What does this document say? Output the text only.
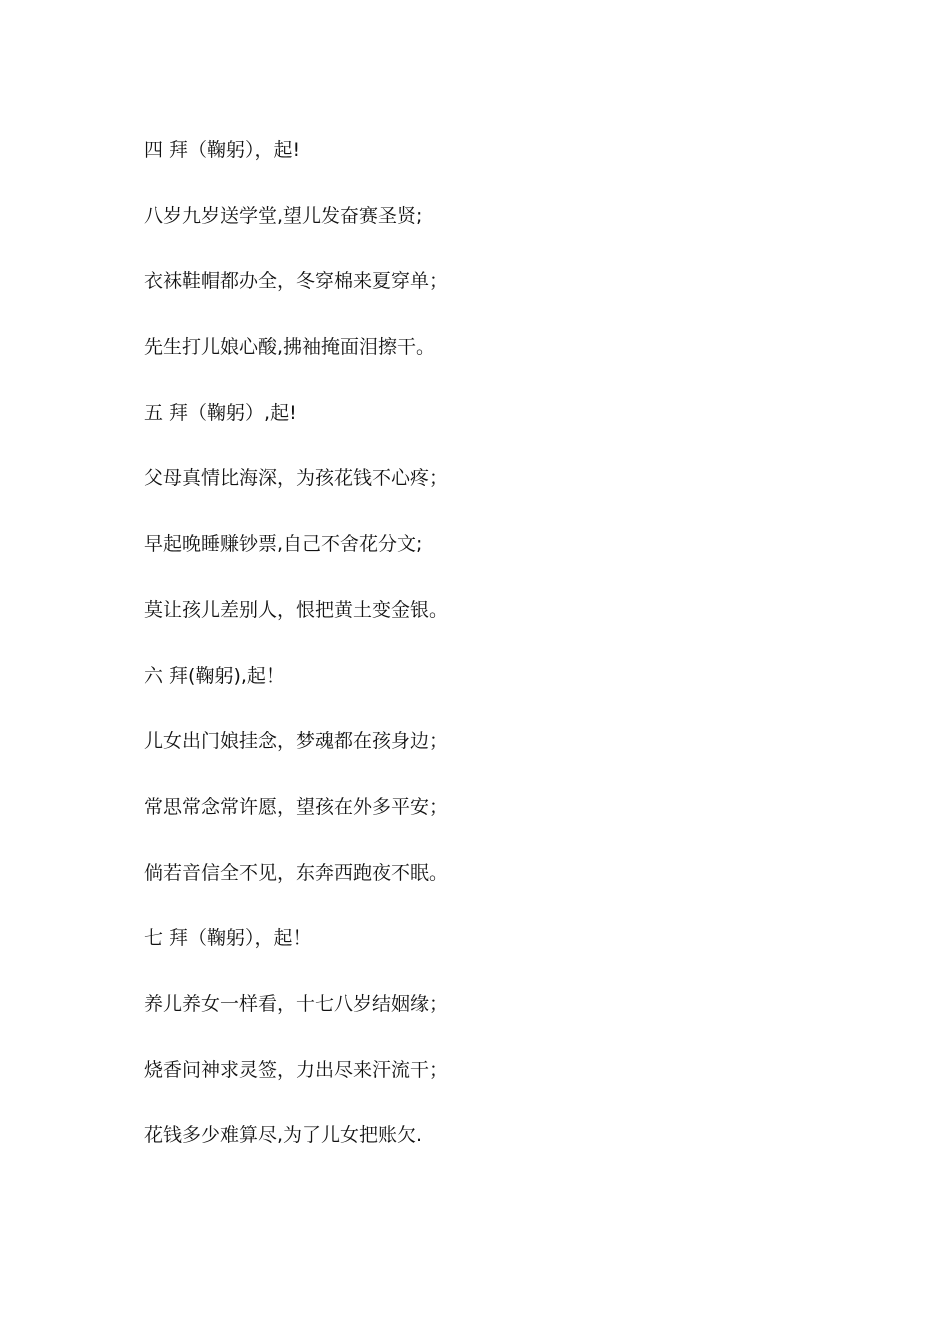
四 拜（鞠躬），起!
八岁九岁送学堂,望儿发奋赛圣贤;
衣袜鞋帽都办全，冬穿棉来夏穿单；
先生打儿娘心酸,拂袖掩面泪擦干。
五 拜（鞠躬）,起!
父母真情比海深，为孩花钱不心疼；
早起晚睡赚钞票,自己不舍花分文;
莫让孩儿差别人，恨把黄土变金银。
六 拜(鞠躬),起！
儿女出门娘挂念，梦魂都在孩身边；
常思常念常许愿，望孩在外多平安；
倘若音信全不见，东奔西跑夜不眠。
七 拜（鞠躬），起！
养儿养女一样看，十七八岁结姻缘；
烧香问神求灵签，力出尽来汗流干；
花钱多少难算尽,为了儿女把账欠.
